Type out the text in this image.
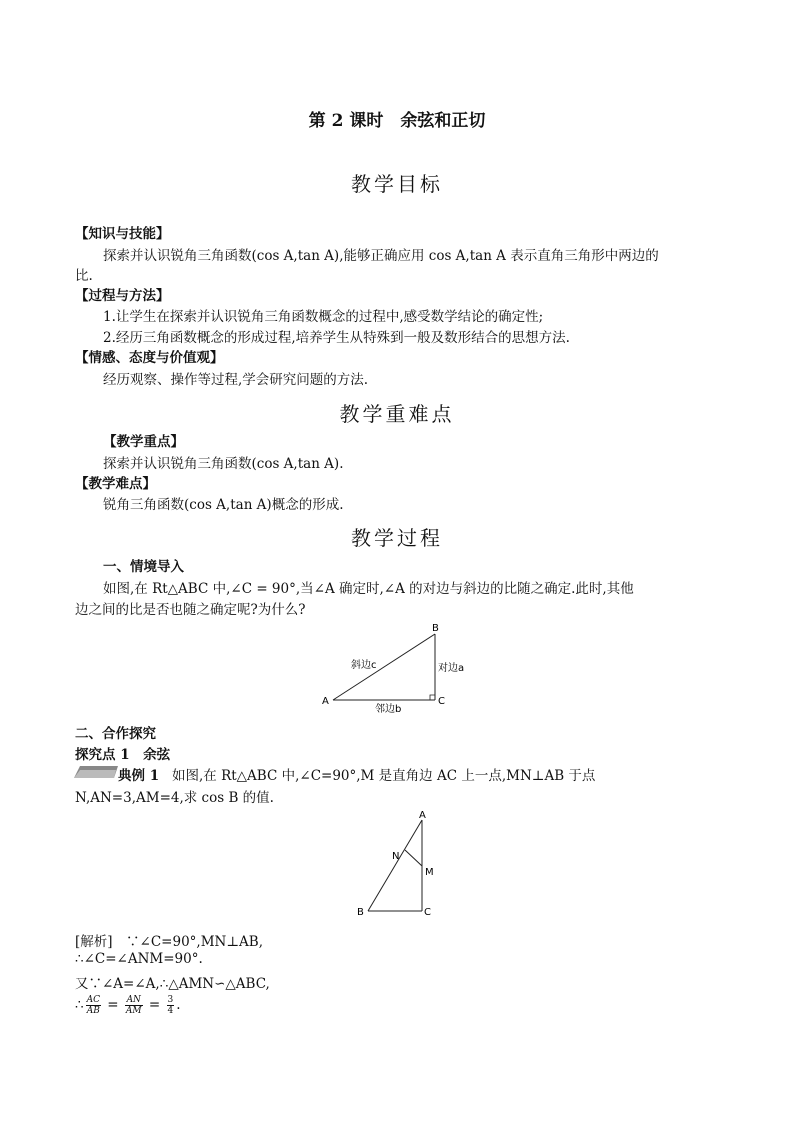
第 2 课时　余弦和正切
教学目标
【知识与技能】
探索并认识锐角三角函数(cos A,tan A),能够正确应用 cos A,tan A 表示直角三角形中两边的
比.
【过程与方法】
1.让学生在探索并认识锐角三角函数概念的过程中,感受数学结论的确定性;
2.经历三角函数概念的形成过程,培养学生从特殊到一般及数形结合的思想方法.
【情感、态度与价值观】
经历观察、操作等过程,学会研究问题的方法.
教学重难点
【教学重点】
探索并认识锐角三角函数(cos A,tan A).
【教学难点】
锐角三角函数(cos A,tan A)概念的形成.
教学过程
一、情境导入
如图,在 Rt△ABC 中,∠C = 90°,当∠A 确定时,∠A 的对边与斜边的比随之确定.此时,其他
边之间的比是否也随之确定呢?为什么?
A
B
C
斜边c	对边a
邻边b
二、合作探究
探究点 1　余弦
典例 1 如图,在 Rt△ABC 中,∠C=90°,M 是直角边 AC 上一点,MN⊥AB 于点
N,AN=3,AM=4,求 cos B 的值.
A
N
M
B	C
[解析]　∵∠C=90°,MN⊥AB,
∴∠C=∠ANM=90°.
又∵∠A=∠A,∴△AMN∽△ABC,
∴ $\frac{AC}{AB} = \frac{AN}{AM} = \frac{3}{4}$ .
